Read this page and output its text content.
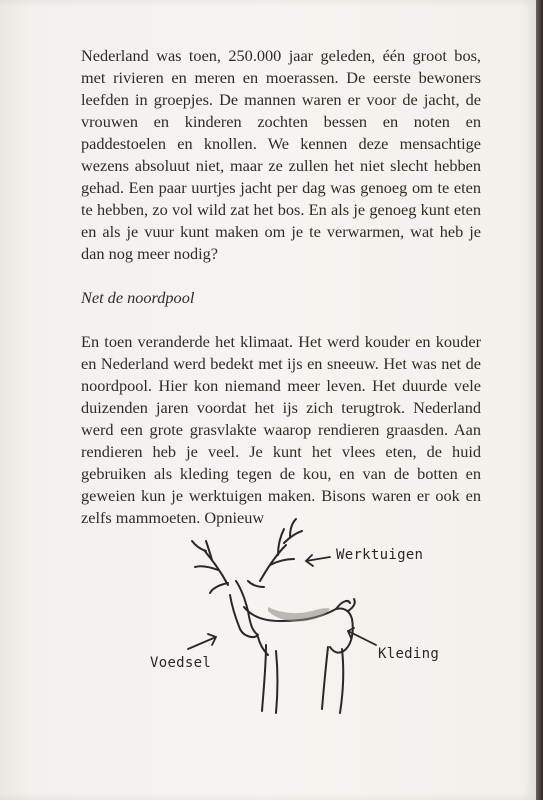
Nederland was toen, 250.000 jaar geleden, één groot bos, met rivieren en meren en moerassen. De eerste bewoners leefden in groepjes. De mannen waren er voor de jacht, de vrouwen en kinderen zochten bessen en noten en paddestoelen en knollen. We kennen deze mensachtige wezens absoluut niet, maar ze zullen het niet slecht hebben gehad. Een paar uurtjes jacht per dag was genoeg om te eten te hebben, zo vol wild zat het bos. En als je genoeg kunt eten en als je vuur kunt maken om je te verwarmen, wat heb je dan nog meer nodig?

Net de noordpool

En toen veranderde het klimaat. Het werd kouder en kouder en Nederland werd bedekt met ijs en sneeuw. Het was net de noordpool. Hier kon niemand meer leven. Het duurde vele duizenden jaren voordat het ijs zich terugtrok. Nederland werd een grote grasvlakte waarop rendieren graasden. Aan rendieren heb je veel. Je kunt het vlees eten, de huid gebruiken als kleding tegen de kou, en van de botten en geweien kun je werktuigen maken. Bisons waren er ook en zelfs mammoeten. Opnieuw

Werktuigen
Voedsel
Kleding
